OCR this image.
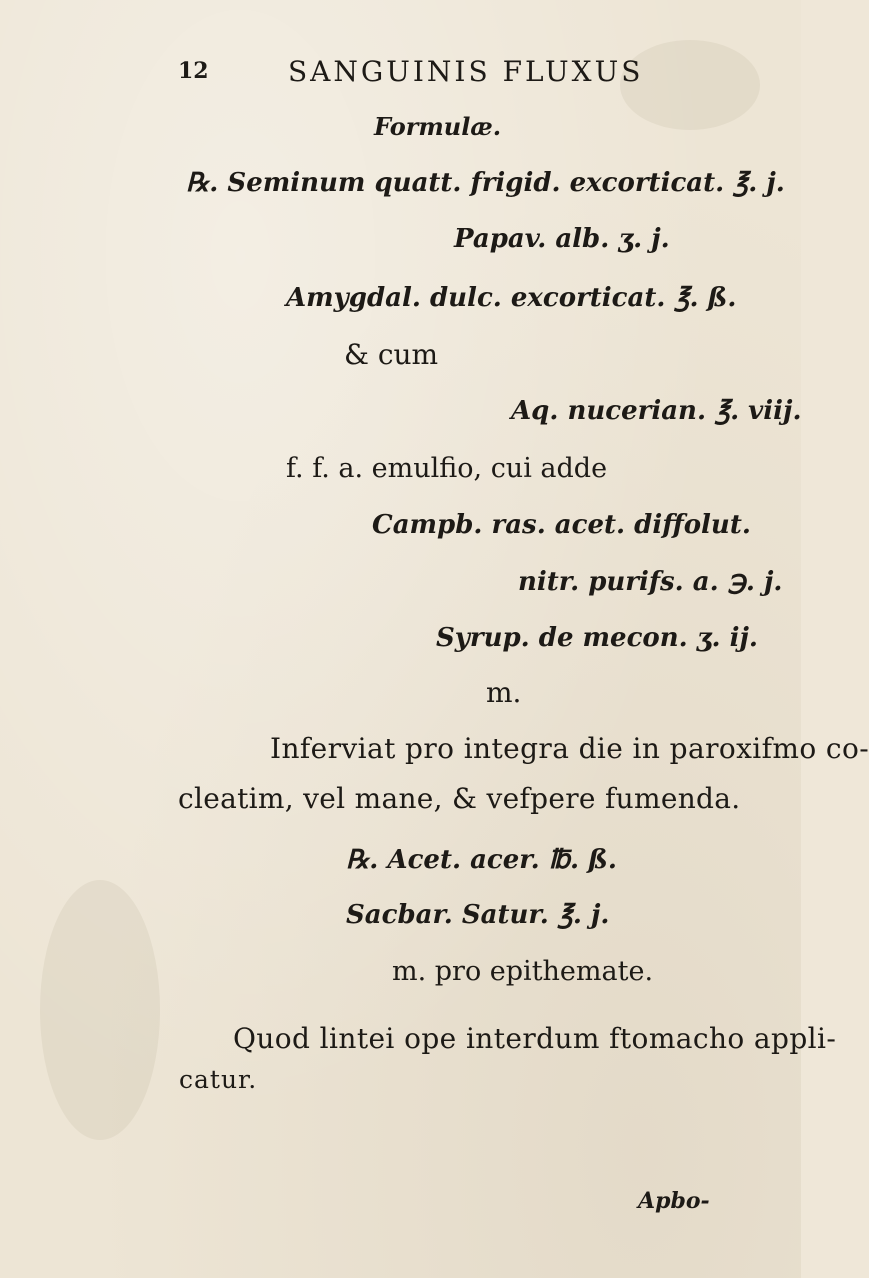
12	SANGUINIS FLUXUS
Formulæ.
℞. Seminum quatt. frigid. excorticat. ℥. j.
Papav. alb. ʒ. j.
Amygdal. dulc. excorticat. ℥. ß.
& cum
Aq. nucerian. ℥. viij.
f. f. a. emulfio, cui adde
Campb. ras. acet. diffolut.
nitr. purifs. a. ℈. j.
Syrup. de mecon. ʒ. ij.
m.
Inferviat pro integra die in paroxifmo co-
cleatim, vel mane, & vefpere fumenda.
℞. Acet. acer. ℔. ß.
Sacbar. Satur. ℥. j.
m. pro epithemate.
Quod lintei ope interdum ftomacho appli-
catur.
Apbo-
